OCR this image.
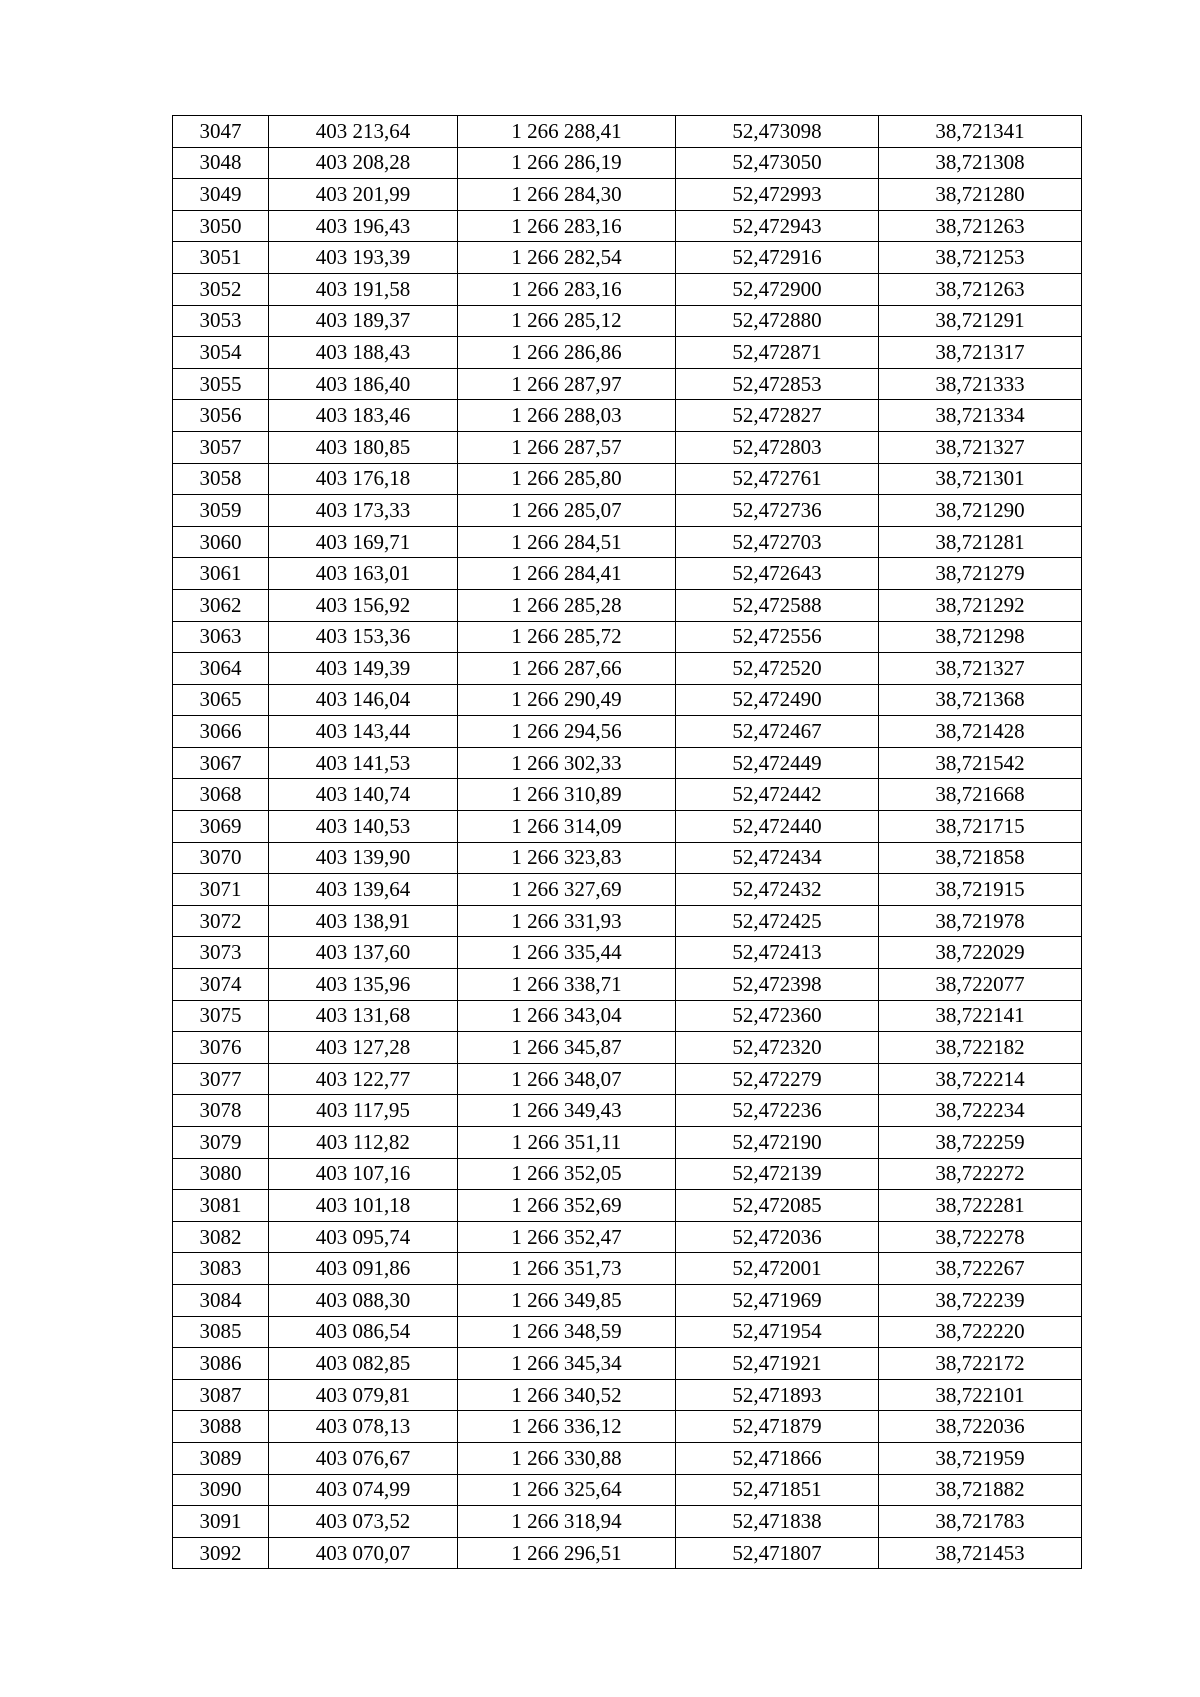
3047	403 213,64	1 266 288,41	52,473098	38,721341
3048	403 208,28	1 266 286,19	52,473050	38,721308
3049	403 201,99	1 266 284,30	52,472993	38,721280
3050	403 196,43	1 266 283,16	52,472943	38,721263
3051	403 193,39	1 266 282,54	52,472916	38,721253
3052	403 191,58	1 266 283,16	52,472900	38,721263
3053	403 189,37	1 266 285,12	52,472880	38,721291
3054	403 188,43	1 266 286,86	52,472871	38,721317
3055	403 186,40	1 266 287,97	52,472853	38,721333
3056	403 183,46	1 266 288,03	52,472827	38,721334
3057	403 180,85	1 266 287,57	52,472803	38,721327
3058	403 176,18	1 266 285,80	52,472761	38,721301
3059	403 173,33	1 266 285,07	52,472736	38,721290
3060	403 169,71	1 266 284,51	52,472703	38,721281
3061	403 163,01	1 266 284,41	52,472643	38,721279
3062	403 156,92	1 266 285,28	52,472588	38,721292
3063	403 153,36	1 266 285,72	52,472556	38,721298
3064	403 149,39	1 266 287,66	52,472520	38,721327
3065	403 146,04	1 266 290,49	52,472490	38,721368
3066	403 143,44	1 266 294,56	52,472467	38,721428
3067	403 141,53	1 266 302,33	52,472449	38,721542
3068	403 140,74	1 266 310,89	52,472442	38,721668
3069	403 140,53	1 266 314,09	52,472440	38,721715
3070	403 139,90	1 266 323,83	52,472434	38,721858
3071	403 139,64	1 266 327,69	52,472432	38,721915
3072	403 138,91	1 266 331,93	52,472425	38,721978
3073	403 137,60	1 266 335,44	52,472413	38,722029
3074	403 135,96	1 266 338,71	52,472398	38,722077
3075	403 131,68	1 266 343,04	52,472360	38,722141
3076	403 127,28	1 266 345,87	52,472320	38,722182
3077	403 122,77	1 266 348,07	52,472279	38,722214
3078	403 117,95	1 266 349,43	52,472236	38,722234
3079	403 112,82	1 266 351,11	52,472190	38,722259
3080	403 107,16	1 266 352,05	52,472139	38,722272
3081	403 101,18	1 266 352,69	52,472085	38,722281
3082	403 095,74	1 266 352,47	52,472036	38,722278
3083	403 091,86	1 266 351,73	52,472001	38,722267
3084	403 088,30	1 266 349,85	52,471969	38,722239
3085	403 086,54	1 266 348,59	52,471954	38,722220
3086	403 082,85	1 266 345,34	52,471921	38,722172
3087	403 079,81	1 266 340,52	52,471893	38,722101
3088	403 078,13	1 266 336,12	52,471879	38,722036
3089	403 076,67	1 266 330,88	52,471866	38,721959
3090	403 074,99	1 266 325,64	52,471851	38,721882
3091	403 073,52	1 266 318,94	52,471838	38,721783
3092	403 070,07	1 266 296,51	52,471807	38,721453
